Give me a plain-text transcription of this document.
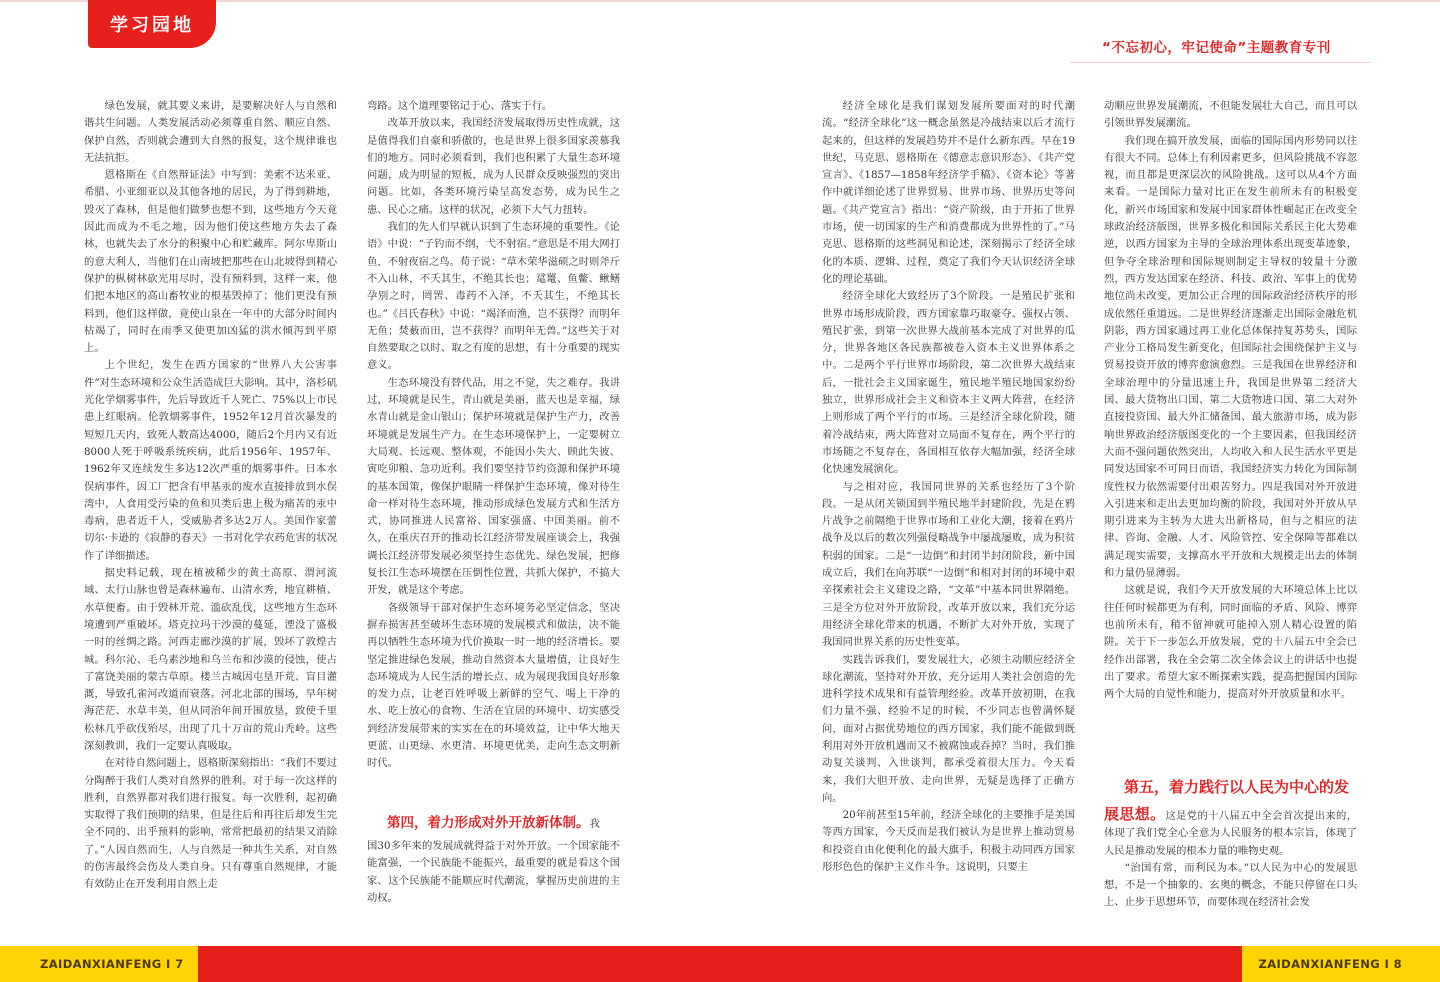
学习园地
“不忘初心，牢记使命”主题教育专刊

绿色发展，就其要义来讲，是要解决好人与自然和谐共生问题。人类发展活动必须尊重自然、顺应自然、保护自然，否则就会遭到大自然的报复，这个规律谁也无法抗拒。

恩格斯在《自然辩证法》中写到：美索不达米亚、希腊、小亚细亚以及其他各地的居民，为了得到耕地，毁灭了森林，但是他们做梦也想不到，这些地方今天竟因此而成为不毛之地，因为他们使这些地方失去了森林，也就失去了水分的积聚中心和贮藏库。阿尔卑斯山的意大利人，当他们在山南坡把那些在山北坡得到精心保护的枞树林砍光用尽时，没有预料到，这样一来，他们把本地区的高山畜牧业的根基毁掉了；他们更没有预料到，他们这样做，竟使山泉在一年中的大部分时间内枯竭了，同时在雨季又使更加凶猛的洪水倾泻到平原上。

上个世纪，发生在西方国家的“世界八大公害事件”对生态环境和公众生活造成巨大影响。其中，洛杉矶光化学烟雾事件，先后导致近千人死亡、75%以上市民患上红眼病。伦敦烟雾事件，1952年12月首次暴发的短短几天内，致死人数高达4000，随后2个月内又有近8000人死于呼吸系统疾病，此后1956年、1957年、1962年又连续发生多达12次严重的烟雾事件。日本水俣病事件，因工厂把含有甲基汞的废水直接排放到水俣湾中，人食用受污染的鱼和贝类后患上极为痛苦的汞中毒病，患者近千人，受威胁者多达2万人。美国作家蕾切尔·卡逊的《寂静的春天》一书对化学农药危害的状况作了详细描述。

据史料记载，现在植被稀少的黄土高原、渭河流域、太行山脉也曾是森林遍布、山清水秀，地宜耕植、水草便畜。由于毁林开荒、滥砍乱伐，这些地方生态环境遭到严重破坏。塔克拉玛干沙漠的蔓延，湮没了盛极一时的丝绸之路。河西走廊沙漠的扩展，毁坏了敦煌古城。科尔沁、毛乌素沙地和乌兰布和沙漠的侵蚀，使占了富饶美丽的蒙古草原。楼兰古城因屯垦开荒、盲目灌溉，导致孔雀河改道而衰落。河北北部的围场，早年树海茫茫、水草丰美，但从同治年间开围放垦，致使千里松林几乎砍伐殆尽，出现了几十万亩的荒山秃岭。这些深刻教训，我们一定要认真吸取。

在对待自然问题上，恩格斯深刻指出：“我们不要过分陶醉于我们人类对自然界的胜利。对于每一次这样的胜利，自然界都对我们进行报复。每一次胜利，起初确实取得了我们预期的结果，但是往后和再往后却发生完全不同的、出乎预料的影响，常常把最初的结果又消除了。”人因自然而生，人与自然是一种共生关系，对自然的伤害最终会伤及人类自身。只有尊重自然规律，才能有效防止在开发利用自然上走

弯路。这个道理要铭记于心、落实于行。

改革开放以来，我国经济发展取得历史性成就，这是值得我们自豪和骄傲的，也是世界上很多国家羡慕我们的地方。同时必须看到，我们也积累了大量生态环境问题，成为明显的短板，成为人民群众反映强烈的突出问题。比如，各类环境污染呈高发态势，成为民生之患、民心之痛。这样的状况，必须下大气力扭转。

我们的先人们早就认识到了生态环境的重要性。《论语》中说：“子钓而不纲，弋不射宿。”意思是不用大网打鱼，不射夜宿之鸟。荀子说：“草木荣华滋硕之时则斧斤不入山林，不夭其生，不绝其长也；鼋鼍、鱼鳖、鳅鳝孕别之时，罔罟、毒药不入泽，不夭其生，不绝其长也。”《吕氏春秋》中说：“竭泽而渔，岂不获得？而明年无鱼；焚薮而田，岂不获得？而明年无兽。”这些关于对自然要取之以时、取之有度的思想，有十分重要的现实意义。

生态环境没有替代品，用之不觉，失之难存。我讲过，环境就是民生，青山就是美丽，蓝天也是幸福，绿水青山就是金山银山；保护环境就是保护生产力，改善环境就是发展生产力。在生态环境保护上，一定要树立大局观、长远观、整体观，不能因小失大、顾此失彼、寅吃卯粮、急功近利。我们要坚持节约资源和保护环境的基本国策，像保护眼睛一样保护生态环境，像对待生命一样对待生态环境，推动形成绿色发展方式和生活方式，协同推进人民富裕、国家强盛、中国美丽。前不久，在重庆召开的推动长江经济带发展座谈会上，我强调长江经济带发展必须坚持生态优先、绿色发展，把修复长江生态环境摆在压倒性位置，共抓大保护，不搞大开发，就是这个考虑。

各级领导干部对保护生态环境务必坚定信念，坚决摒弃损害甚至破坏生态环境的发展模式和做法，决不能再以牺牲生态环境为代价换取一时一地的经济增长。要坚定推进绿色发展，推动自然资本大量增值，让良好生态环境成为人民生活的增长点、成为展现我国良好形象的发力点，让老百姓呼吸上新鲜的空气、喝上干净的水、吃上放心的食物、生活在宜居的环境中、切实感受到经济发展带来的实实在在的环境效益，让中华大地天更蓝、山更绿、水更清、环境更优美，走向生态文明新时代。

第四，着力形成对外开放新体制。我

国30多年来的发展成就得益于对外开放。一个国家能不能富强，一个民族能不能振兴，最重要的就是看这个国家、这个民族能不能顺应时代潮流，掌握历史前进的主动权。

经济全球化是我们谋划发展所要面对的时代潮流。“经济全球化”这一概念虽然是冷战结束以后才流行起来的，但这样的发展趋势并不是什么新东西。早在19世纪，马克思、恩格斯在《德意志意识形态》、《共产党宣言》、《1857—1858年经济学手稿》、《资本论》等著作中就详细论述了世界贸易、世界市场、世界历史等问题。《共产党宣言》指出：“资产阶级，由于开拓了世界市场，使一切国家的生产和消费都成为世界性的了。”马克思、恩格斯的这些洞见和论述，深刻揭示了经济全球化的本质、逻辑、过程，奠定了我们今天认识经济全球化的理论基础。

经济全球化大致经历了3个阶段。一是殖民扩张和世界市场形成阶段，西方国家靠巧取豪夺、强权占领、殖民扩张，到第一次世界大战前基本完成了对世界的瓜分，世界各地区各民族都被卷入资本主义世界体系之中。二是两个平行世界市场阶段，第二次世界大战结束后，一批社会主义国家诞生，殖民地半殖民地国家纷纷独立，世界形成社会主义和资本主义两大阵营，在经济上则形成了两个平行的市场。三是经济全球化阶段，随着冷战结束，两大阵营对立局面不复存在，两个平行的市场随之不复存在，各国相互依存大幅加强，经济全球化快速发展演化。

与之相对应，我国同世界的关系也经历了3个阶段。一是从闭关锁国到半殖民地半封建阶段，先是在鸦片战争之前隔绝于世界市场和工业化大潮，接着在鸦片战争及以后的数次列强侵略战争中屡战屡败，成为积贫积弱的国家。二是“一边倒”和封闭半封闭阶段，新中国成立后，我们在向苏联“一边倒”和相对封闭的环境中艰辛探索社会主义建设之路，“文革”中基本同世界隔绝。三是全方位对外开放阶段，改革开放以来，我们充分运用经济全球化带来的机遇，不断扩大对外开放，实现了我国同世界关系的历史性变革。

实践告诉我们，要发展壮大，必须主动顺应经济全球化潮流，坚持对外开放，充分运用人类社会创造的先进科学技术成果和有益管理经验。改革开放初期，在我们力量不强、经验不足的时候，不少同志也曾满怀疑问，面对占据优势地位的西方国家，我们能不能做到既利用对外开放机遇而又不被腐蚀或吞掉？当时，我们推动复关谈判、入世谈判，都承受着很大压力。今天看来，我们大胆开放、走向世界，无疑是选择了正确方向。

20年前甚至15年前，经济全球化的主要推手是美国等西方国家，今天反而是我们被认为是世界上推动贸易和投资自由化便利化的最大旗手，积极主动同西方国家形形色色的保护主义作斗争。这说明，只要主

动顺应世界发展潮流，不但能发展壮大自己，而且可以引领世界发展潮流。

我们现在搞开放发展，面临的国际国内形势同以往有很大不同。总体上有利因素更多，但风险挑战不容忽视，而且都是更深层次的风险挑战。这可以从4个方面来看。一是国际力量对比正在发生前所未有的积极变化，新兴市场国家和发展中国家群体性崛起正在改变全球政治经济版图，世界多极化和国际关系民主化大势难逆，以西方国家为主导的全球治理体系出现变革迹象，但争夺全球治理和国际规则制定主导权的较量十分激烈，西方发达国家在经济、科技、政治、军事上的优势地位尚未改变，更加公正合理的国际政治经济秩序的形成依然任重道远。二是世界经济逐渐走出国际金融危机阴影，西方国家通过再工业化总体保持复苏势头，国际产业分工格局发生新变化，但国际社会围绕保护主义与贸易投资开放的博弈愈演愈烈。三是我国在世界经济和全球治理中的分量迅速上升，我国是世界第二经济大国、最大货物出口国、第二大货物进口国、第二大对外直接投资国、最大外汇储备国、最大旅游市场，成为影响世界政治经济版图变化的一个主要因素，但我国经济大而不强问题依然突出，人均收入和人民生活水平更是同发达国家不可同日而语，我国经济实力转化为国际制度性权力依然需要付出艰苦努力。四是我国对外开放进入引进来和走出去更加均衡的阶段，我国对外开放从早期引进来为主转为大进大出新格局，但与之相应的法律、咨询、金融、人才、风险管控、安全保障等都难以满足现实需要，支撑高水平开放和大规模走出去的体制和力量仍显薄弱。

这就是说，我们今天开放发展的大环境总体上比以往任何时候都更为有利，同时面临的矛盾、风险、博弈也前所未有，稍不留神就可能掉入别人精心设置的陷阱。关于下一步怎么开放发展，党的十八届五中全会已经作出部署，我在全会第二次全体会议上的讲话中也提出了要求。希望大家不断探索实践，提高把握国内国际两个大局的自觉性和能力，提高对外开放质量和水平。

第五，着力践行以人民为中心的发
展思想。这是党的十八届五中全会首次提出来的，体现了我们党全心全意为人民服务的根本宗旨，体现了人民是推动发展的根本力量的唯物史观。
“治国有常，而利民为本。”以人民为中心的发展思想，不是一个抽象的、玄奥的概念，不能只停留在口头上、止步于思想环节，而要体现在经济社会发
ZAIDANXIANFENG I 7	ZAIDANXIANFENG I 8
